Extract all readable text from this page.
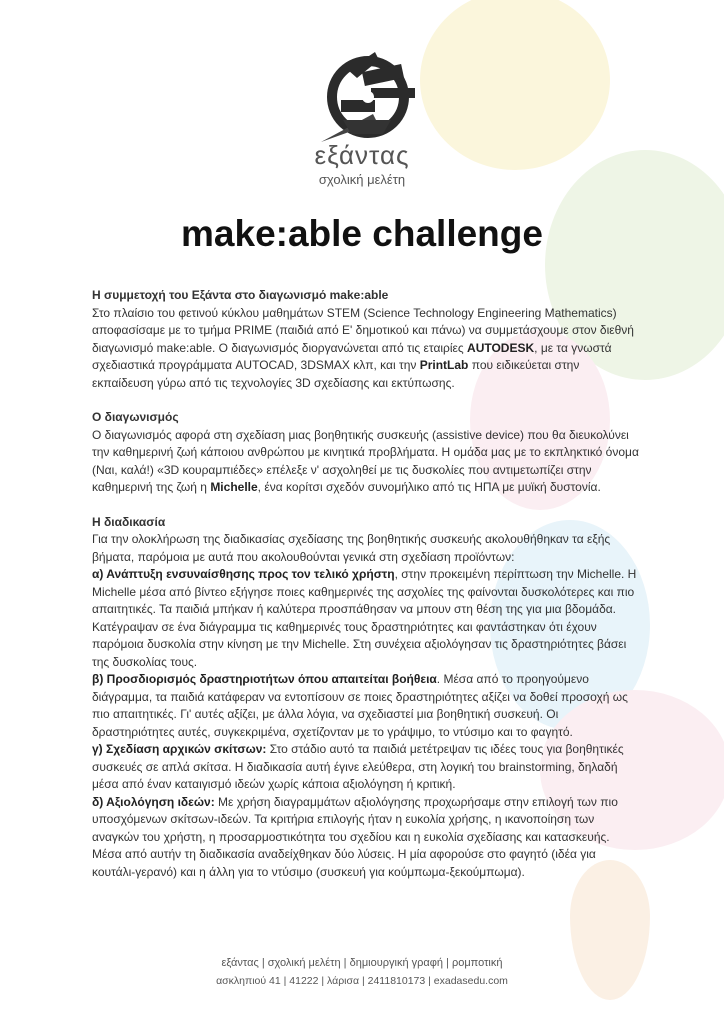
εξάντας
σχολική μελέτη
make:able challenge

Η συμμετοχή του Εξάντα στο διαγωνισμό make:able

Στο πλαίσιο του φετινού κύκλου μαθημάτων STEM (Science Technology Engineering Mathematics) αποφασίσαμε με το τμήμα PRIME (παιδιά από Ε' δημοτικού και πάνω) να συμμετάσχουμε στον διεθνή διαγωνισμό make:able. Ο διαγωνισμός διοργανώνεται από τις εταιρίες AUTODESK, με τα γνωστά σχεδιαστικά προγράμματα AUTOCAD, 3DSMAX κλπ, και την PrintLab που ειδικεύεται στην εκπαίδευση γύρω από τις τεχνολογίες 3D σχεδίασης και εκτύπωσης.

Ο διαγωνισμός

Ο διαγωνισμός αφορά στη σχεδίαση μιας βοηθητικής συσκευής (assistive device) που θα διευκολύνει την καθημερινή ζωή κάποιου ανθρώπου με κινητικά προβλήματα. Η ομάδα μας με το εκπληκτικό όνομα (Ναι, καλά!) «3D κουραμπιέδες» επέλεξε ν' ασχοληθεί με τις δυσκολίες που αντιμετωπίζει στην καθημερινή της ζωή η Michelle, ένα κορίτσι σχεδόν συνομήλικο από τις ΗΠΑ με μυϊκή δυστονία.

Η διαδικασία

Για την ολοκλήρωση της διαδικασίας σχεδίασης της βοηθητικής συσκευής ακολουθήθηκαν τα εξής βήματα, παρόμοια με αυτά που ακολουθούνται γενικά στη σχεδίαση προϊόντων:

α) Ανάπτυξη ενσυναίσθησης προς τον τελικό χρήστη, στην προκειμένη περίπτωση την Michelle. Η Michelle μέσα από βίντεο εξήγησε ποιες καθημερινές της ασχολίες της φαίνονται δυσκολότερες και πιο απαιτητικές. Τα παιδιά μπήκαν ή καλύτερα προσπάθησαν να μπουν στη θέση της για μια βδομάδα. Κατέγραψαν σε ένα διάγραμμα τις καθημερινές τους δραστηριότητες και φαντάστηκαν ότι έχουν παρόμοια δυσκολία στην κίνηση με την Michelle. Στη συνέχεια αξιολόγησαν τις δραστηριότητες βάσει της δυσκολίας τους.

β) Προσδιορισμός δραστηριοτήτων όπου απαιτείται βοήθεια. Μέσα από το προηγούμενο διάγραμμα, τα παιδιά κατάφεραν να εντοπίσουν σε ποιες δραστηριότητες αξίζει να δοθεί προσοχή ως πιο απαιτητικές. Γι' αυτές αξίζει, με άλλα λόγια, να σχεδιαστεί μια βοηθητική συσκευή. Οι δραστηριότητες αυτές, συγκεκριμένα, σχετίζονταν με το γράψιμο, το ντύσιμο και το φαγητό.

γ) Σχεδίαση αρχικών σκίτσων: Στο στάδιο αυτό τα παιδιά μετέτρεψαν τις ιδέες τους για βοηθητικές συσκευές σε απλά σκίτσα. Η διαδικασία αυτή έγινε ελεύθερα, στη λογική του brainstorming, δηλαδή μέσα από έναν καταιγισμό ιδεών χωρίς κάποια αξιολόγηση ή κριτική.

δ) Αξιολόγηση ιδεών: Με χρήση διαγραμμάτων αξιολόγησης προχωρήσαμε στην επιλογή των πιο υποσχόμενων σκίτσων-ιδεών. Τα κριτήρια επιλογής ήταν η ευκολία χρήσης, η ικανοποίηση των αναγκών του χρήστη, η προσαρμοστικότητα του σχεδίου και η ευκολία σχεδίασης και κατασκευής. Μέσα από αυτήν τη διαδικασία αναδείχθηκαν δύο λύσεις. Η μία αφορούσε στο φαγητό (ιδέα για κουτάλι-γερανό) και η άλλη για το ντύσιμο (συσκευή για κούμπωμα-ξεκούμπωμα).

εξάντας | σχολική μελέτη | δημιουργική γραφή | ρομποτική
ασκληπιού 41 | 41222 | λάρισα | 2411810173 | exadasedu.com
